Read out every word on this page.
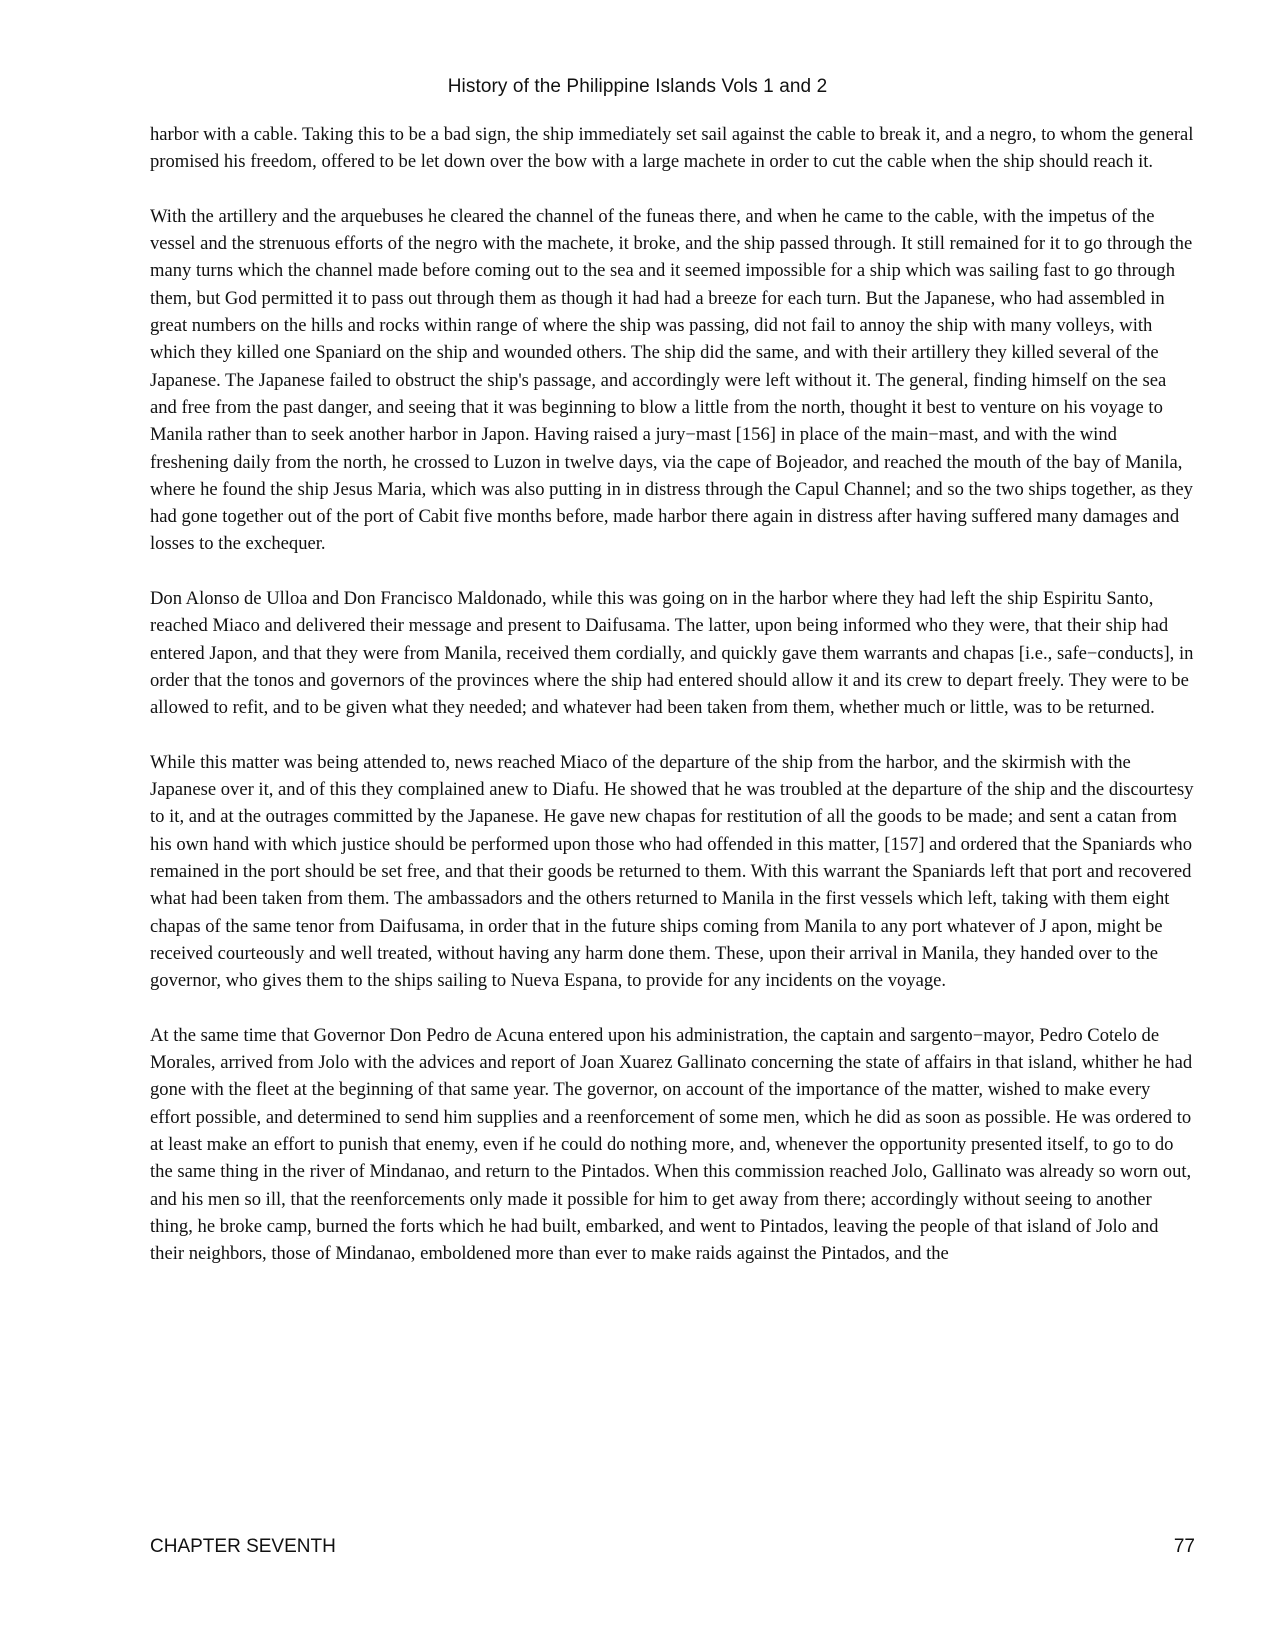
History of the Philippine Islands Vols 1 and 2

harbor with a cable. Taking this to be a bad sign, the ship immediately set sail against the cable to break it, and a negro, to whom the general promised his freedom, offered to be let down over the bow with a large machete in order to cut the cable when the ship should reach it.

With the artillery and the arquebuses he cleared the channel of the funeas there, and when he came to the cable, with the impetus of the vessel and the strenuous efforts of the negro with the machete, it broke, and the ship passed through. It still remained for it to go through the many turns which the channel made before coming out to the sea and it seemed impossible for a ship which was sailing fast to go through them, but God permitted it to pass out through them as though it had had a breeze for each turn. But the Japanese, who had assembled in great numbers on the hills and rocks within range of where the ship was passing, did not fail to annoy the ship with many volleys, with which they killed one Spaniard on the ship and wounded others. The ship did the same, and with their artillery they killed several of the Japanese. The Japanese failed to obstruct the ship's passage, and accordingly were left without it. The general, finding himself on the sea and free from the past danger, and seeing that it was beginning to blow a little from the north, thought it best to venture on his voyage to Manila rather than to seek another harbor in Japon. Having raised a jury−mast [156] in place of the main−mast, and with the wind freshening daily from the north, he crossed to Luzon in twelve days, via the cape of Bojeador, and reached the mouth of the bay of Manila, where he found the ship Jesus Maria, which was also putting in in distress through the Capul Channel; and so the two ships together, as they had gone together out of the port of Cabit five months before, made harbor there again in distress after having suffered many damages and losses to the exchequer.

Don Alonso de Ulloa and Don Francisco Maldonado, while this was going on in the harbor where they had left the ship Espiritu Santo, reached Miaco and delivered their message and present to Daifusama. The latter, upon being informed who they were, that their ship had entered Japon, and that they were from Manila, received them cordially, and quickly gave them warrants and chapas [i.e., safe−conducts], in order that the tonos and governors of the provinces where the ship had entered should allow it and its crew to depart freely. They were to be allowed to refit, and to be given what they needed; and whatever had been taken from them, whether much or little, was to be returned.

While this matter was being attended to, news reached Miaco of the departure of the ship from the harbor, and the skirmish with the Japanese over it, and of this they complained anew to Diafu. He showed that he was troubled at the departure of the ship and the discourtesy to it, and at the outrages committed by the Japanese. He gave new chapas for restitution of all the goods to be made; and sent a catan from his own hand with which justice should be performed upon those who had offended in this matter, [157] and ordered that the Spaniards who remained in the port should be set free, and that their goods be returned to them. With this warrant the Spaniards left that port and recovered what had been taken from them. The ambassadors and the others returned to Manila in the first vessels which left, taking with them eight chapas of the same tenor from Daifusama, in order that in the future ships coming from Manila to any port whatever of J apon, might be received courteously and well treated, without having any harm done them. These, upon their arrival in Manila, they handed over to the governor, who gives them to the ships sailing to Nueva Espana, to provide for any incidents on the voyage.

At the same time that Governor Don Pedro de Acuna entered upon his administration, the captain and sargento−mayor, Pedro Cotelo de Morales, arrived from Jolo with the advices and report of Joan Xuarez Gallinato concerning the state of affairs in that island, whither he had gone with the fleet at the beginning of that same year. The governor, on account of the importance of the matter, wished to make every effort possible, and determined to send him supplies and a reenforcement of some men, which he did as soon as possible. He was ordered to at least make an effort to punish that enemy, even if he could do nothing more, and, whenever the opportunity presented itself, to go to do the same thing in the river of Mindanao, and return to the Pintados. When this commission reached Jolo, Gallinato was already so worn out, and his men so ill, that the reenforcements only made it possible for him to get away from there; accordingly without seeing to another thing, he broke camp, burned the forts which he had built, embarked, and went to Pintados, leaving the people of that island of Jolo and their neighbors, those of Mindanao, emboldened more than ever to make raids against the Pintados, and the

CHAPTER SEVENTH	77
